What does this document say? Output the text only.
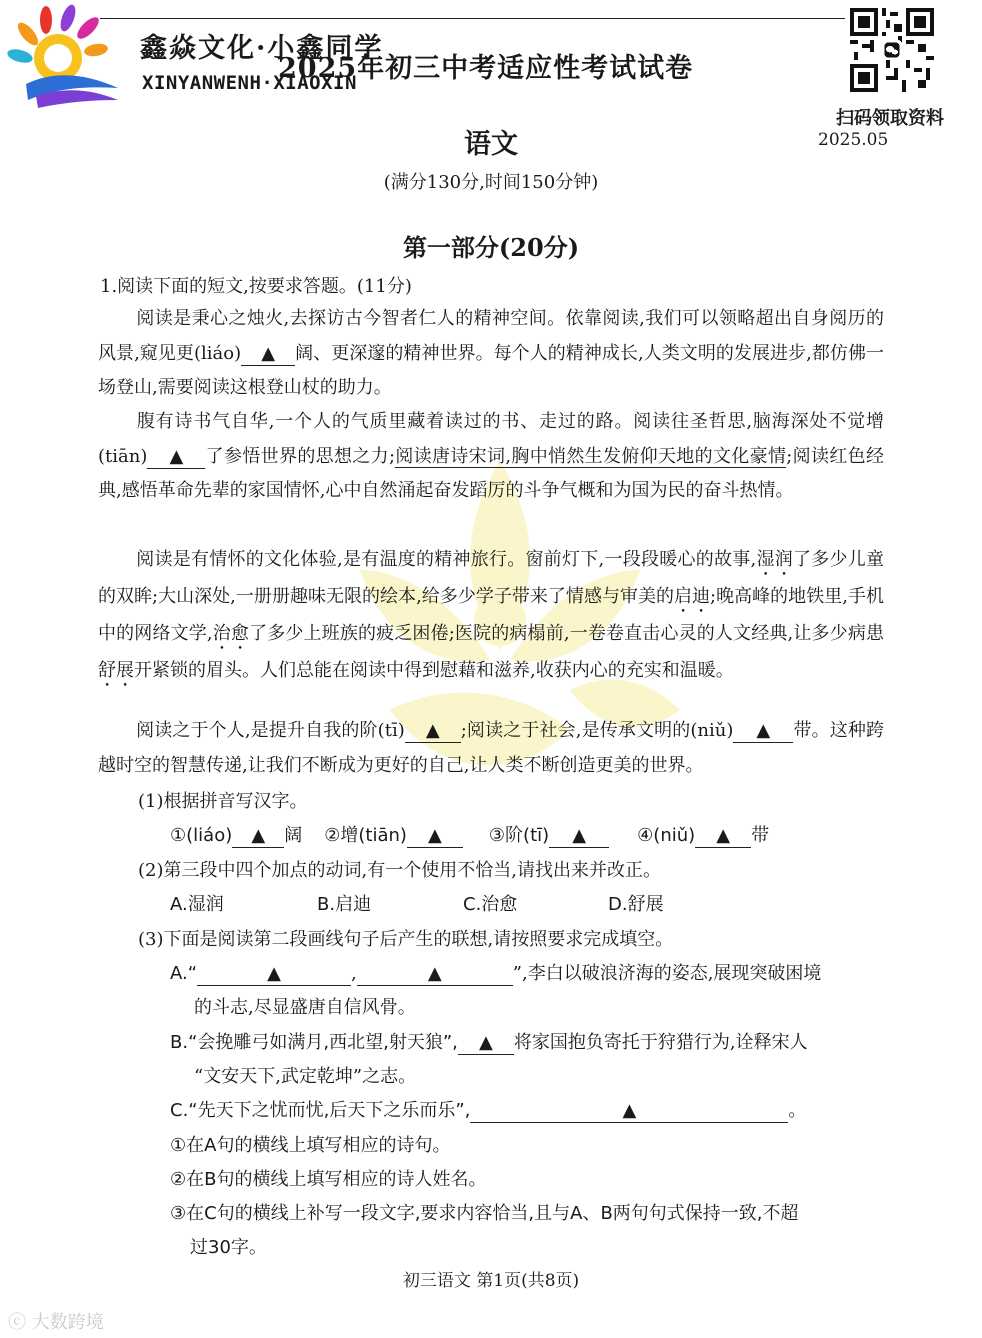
鑫焱文化·小鑫同学
2025年初三中考适应性考试试卷
XINYANWENH·XIAOXIN
扫码领取资料
2025.05
语文
(满分130分,时间150分钟)
第一部分(20分)
1.阅读下面的短文,按要求答题。(11分)
阅读是秉心之烛火,去探访古今智者仁人的精神空间。依靠阅读,我们可以领略超出自身阅历的风景,窥见更(liáo) ▲ 阔、更深邃的精神世界。每个人的精神成长,人类文明的发展进步,都仿佛一场登山,需要阅读这根登山杖的助力。
腹有诗书气自华,一个人的气质里藏着读过的书、走过的路。阅读往圣哲思,脑海深处不觉增(tiān) ▲ 了参悟世界的思想之力;阅读唐诗宋词,胸中悄然生发俯仰天地的文化豪情;阅读红色经典,感悟革命先辈的家国情怀,心中自然涌起奋发蹈厉的斗争气概和为国为民的奋斗热情。
阅读是有情怀的文化体验,是有温度的精神旅行。窗前灯下,一段段暖心的故事,湿润了多少儿童的双眸;大山深处,一册册趣味无限的绘本,给多少学子带来了情感与审美的启迪;晚高峰的地铁里,手机中的网络文学,治愈了多少上班族的疲乏困倦;医院的病榻前,一卷卷直击心灵的人文经典,让多少病患舒展开紧锁的眉头。人们总能在阅读中得到慰藉和滋养,收获内心的充实和温暖。
阅读之于个人,是提升自我的阶(tī) ▲ ;阅读之于社会,是传承文明的(niǔ) ▲ 带。这种跨越时空的智慧传递,让我们不断成为更好的自己,让人类不断创造更美的世界。
(1)根据拼音写汉字。
①(liáo) ▲ 阔 ②增(tiān) ▲	③阶(tī) ▲	④(niǔ) ▲ 带
(2)第三段中四个加点的动词,有一个使用不恰当,请找出来并改正。
A.湿润	B.启迪	C.治愈	D.舒展
(3)下面是阅读第二段画线句子后产生的联想,请按照要求完成填空。
A.“	▲	,	▲	”,李白以破浪济海的姿态,展现突破困境
的斗志,尽显盛唐自信风骨。
B.“会挽雕弓如满月,西北望,射天狼”, ▲ 将家国抱负寄托于狩猎行为,诠释宋人
“文安天下,武定乾坤”之志。
C.“先天下之忧而忧,后天下之乐而乐”,	▲	。
①在A句的横线上填写相应的诗句。
②在B句的横线上填写相应的诗人姓名。
③在C句的横线上补写一段文字,要求内容恰当,且与A、B两句句式保持一致,不超
过30字。
初三语文 第1页(共8页)
ⓒ 大数跨境
